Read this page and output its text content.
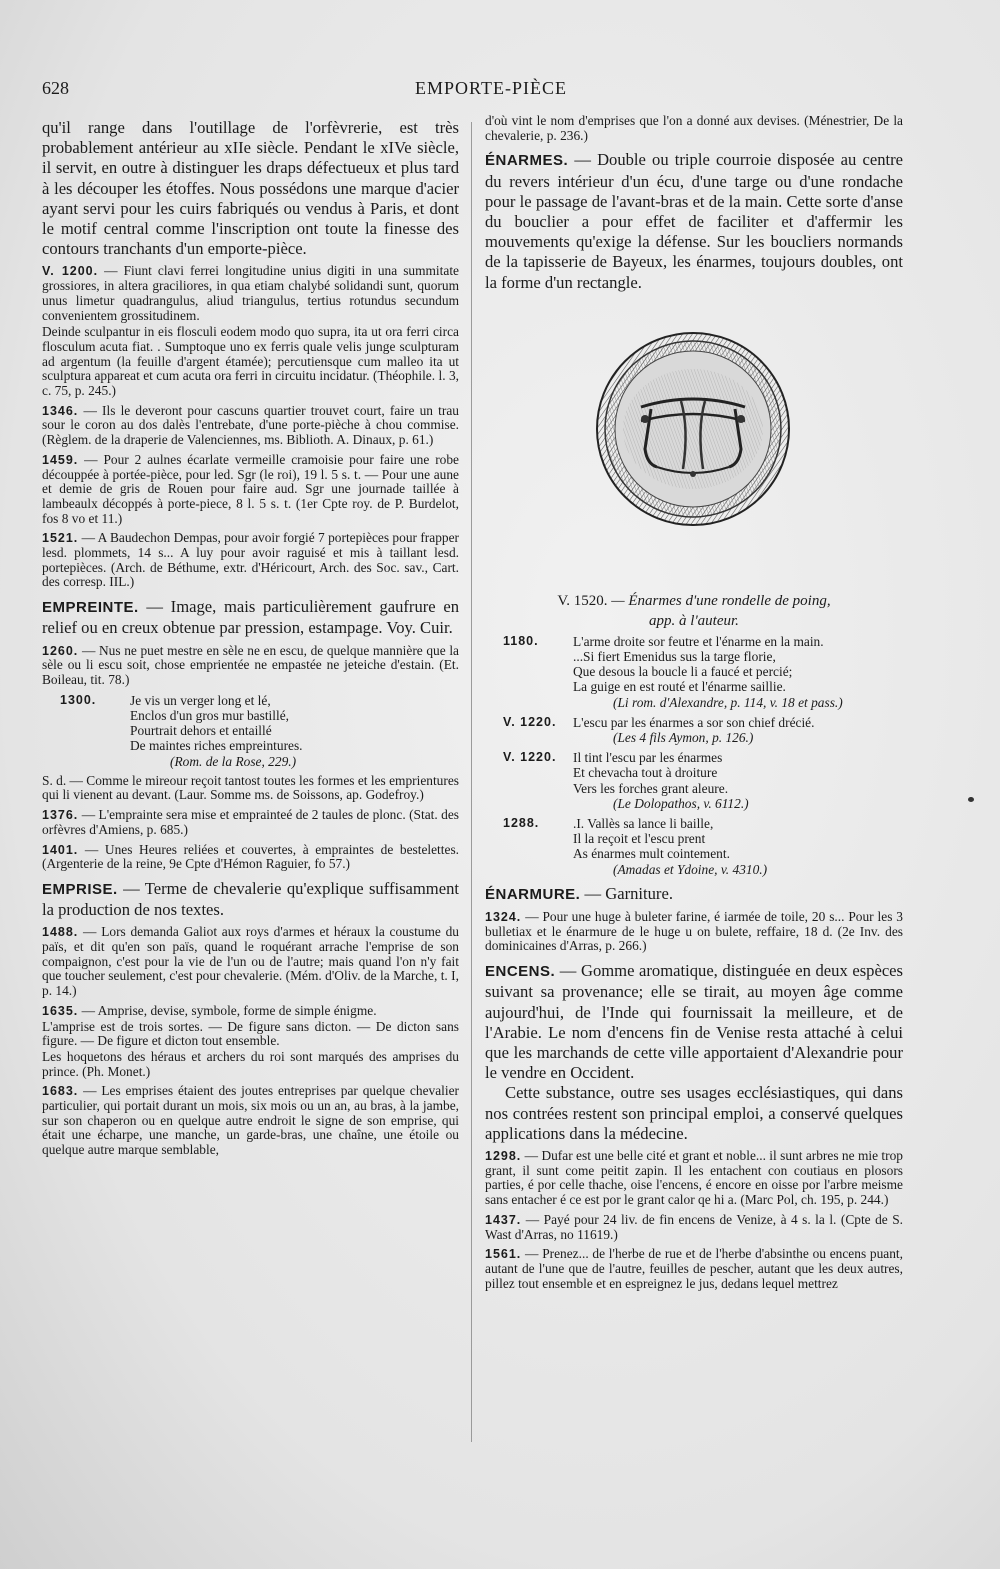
628	EMPORTE-PIÈCE

qu'il range dans l'outillage de l'orfèvrerie, est très probablement antérieur au xIIe siècle. Pendant le xIVe siècle, il servit, en outre à distinguer les draps défectueux et plus tard à les découper les étoffes. Nous possédons une marque d'acier ayant servi pour les cuirs fabriqués ou vendus à Paris, et dont le motif central comme l'inscription ont toute la finesse des contours tranchants d'un emporte-pièce.

V. 1200. — Fiunt clavi ferrei longitudine unius digiti in una summitate grossiores, in altera graciliores, in qua etiam chalybé solidandi sunt, quorum unus limetur quadrangulus, aliud triangulus, tertius rotundus secundum convenientem grossitudinem.

Deinde sculpantur in eis flosculi eodem modo quo supra, ita ut ora ferri circa flosculum acuta fiat. . Sumptoque uno ex ferris quale velis junge sculpturam ad argentum (la feuille d'argent étamée); percutiensque cum malleo ita ut sculptura appareat et cum acuta ora ferri in circuitu incidatur. (Théophile. l. 3, c. 75, p. 245.)

1346. — Ils le deveront pour cascuns quartier trouvet court, faire un trau sour le coron au dos dalès l'entrebate, d'une porte-pièche à chou commise. (Règlem. de la draperie de Valenciennes, ms. Biblioth. A. Dinaux, p. 61.)

1459. — Pour 2 aulnes écarlate vermeille cramoisie pour faire une robe découppée à portée-pièce, pour led. Sgr (le roi), 19 l. 5 s. t. — Pour une aune et demie de gris de Rouen pour faire aud. Sgr une journade taillée à lambeaulx décoppés à porte-piece, 8 l. 5 s. t. (1er Cpte roy. de P. Burdelot, fos 8 vo et 11.)

1521. — A Baudechon Dempas, pour avoir forgié 7 portepièces pour frapper lesd. plommets, 14 s... A luy pour avoir raguisé et mis à taillant lesd. portepièces. (Arch. de Béthume, extr. d'Héricourt, Arch. des Soc. sav., Cart. des corresp. IIL.)

EMPREINTE. — Image, mais particulièrement gaufrure en relief ou en creux obtenue par pression, estampage. Voy. Cuir.

1260. — Nus ne puet mestre en sèle ne en escu, de quelque mannière que la sèle ou li escu soit, chose emprientée ne empastée ne jeteiche d'estain. (Et. Boileau, tit. 78.)

1300.	Je vis un verger long et lé,
Enclos d'un gros mur bastillé,
Pourtrait dehors et entaillé
De maintes riches empreintures.
(Rom. de la Rose, 229.)

S. d. — Comme le mireour reçoit tantost toutes les formes et les emprientures qui li vienent au devant. (Laur. Somme ms. de Soissons, ap. Godefroy.)

1376. — L'emprainte sera mise et emprainteé de 2 taules de plonc. (Stat. des orfèvres d'Amiens, p. 685.)

1401. — Unes Heures reliées et couvertes, à empraintes de bestelettes. (Argenterie de la reine, 9e Cpte d'Hémon Raguier, fo 57.)

EMPRISE. — Terme de chevalerie qu'explique suffisamment la production de nos textes.

1488. — Lors demanda Galiot aux roys d'armes et héraux la coustume du païs, et dit qu'en son païs, quand le roquérant arrache l'emprise de son compaignon, c'est pour la vie de l'un ou de l'autre; mais quand l'on n'y fait que toucher seulement, c'est pour chevalerie. (Mém. d'Oliv. de la Marche, t. I, p. 14.)

1635. — Amprise, devise, symbole, forme de simple énigme.

L'amprise est de trois sortes. — De figure sans dicton. — De dicton sans figure. — De figure et dicton tout ensemble.

Les hoquetons des héraus et archers du roi sont marqués des amprises du prince. (Ph. Monet.)

1683. — Les emprises étaient des joutes entreprises par quelque chevalier particulier, qui portait durant un mois, six mois ou un an, au bras, à la jambe, sur son chaperon ou en quelque autre endroit le signe de son emprise, qui était une écharpe, une manche, un garde-bras, une chaîne, une étoile ou quelque autre marque semblable,

d'où vint le nom d'emprises que l'on a donné aux devises. (Ménestrier, De la chevalerie, p. 236.)

ÉNARMES. — Double ou triple courroie disposée au centre du revers intérieur d'un écu, d'une targe ou d'une rondache pour le passage de l'avant-bras et de la main. Cette sorte d'anse du bouclier a pour effet de faciliter et d'affermir les mouvements qu'exige la défense. Sur les boucliers normands de la tapisserie de Bayeux, les énarmes, toujours doubles, ont la forme d'un rectangle.

V. 1520. — Énarmes d'une rondelle de poing,
app. à l'auteur.
1180.	L'arme droite sor feutre et l'énarme en la main.
...Si fiert Emenidus sus la targe florie,
Que desous la boucle li a faucé et percié;
La guige en est routé et l'énarme saillie.
(Li rom. d'Alexandre, p. 114, v. 18 et pass.)
V. 1220. L'escu par les énarmes a sor son chief drécié.
(Les 4 fils Aymon, p. 126.)
V. 1220. Il tint l'escu par les énarmes
Et chevacha tout à droiture
Vers les forches grant aleure.
(Le Dolopathos, v. 6112.)
1288.	.I. Vallès sa lance li baille,
Il la reçoit et l'escu prent
As énarmes mult cointement.
(Amadas et Ydoine, v. 4310.)

ÉNARMURE. — Garniture.

1324. — Pour une huge à buleter farine, é iarmée de toile, 20 s... Pour les 3 bulletiax et le énarmure de le huge u on bulete, reffaire, 18 d. (2e Inv. des dominicaines d'Arras, p. 266.)

ENCENS. — Gomme aromatique, distinguée en deux espèces suivant sa provenance; elle se tirait, au moyen âge comme aujourd'hui, de l'Inde qui fournissait la meilleure, et de l'Arabie. Le nom d'encens fin de Venise resta attaché à celui que les marchands de cette ville apportaient d'Alexandrie pour le vendre en Occident.

Cette substance, outre ses usages ecclésiastiques, qui dans nos contrées restent son principal emploi, a conservé quelques applications dans la médecine.

1298. — Dufar est une belle cité et grant et noble... il sunt arbres ne mie trop grant, il sunt come peitit zapin. Il les entachent con coutiaus en plosors parties, é por celle thache, oise l'encens, é encore en oisse por l'arbre meisme sans entacher é ce est por le grant calor qe hi a. (Marc Pol, ch. 195, p. 244.)

1437. — Payé pour 24 liv. de fin encens de Venize, à 4 s. la l. (Cpte de S. Wast d'Arras, no 11619.)

1561. — Prenez... de l'herbe de rue et de l'herbe d'absinthe ou encens puant, autant de l'une que de l'autre, feuilles de pescher, autant que les deux autres, pillez tout ensemble et en espreignez le jus, dedans lequel mettrez
